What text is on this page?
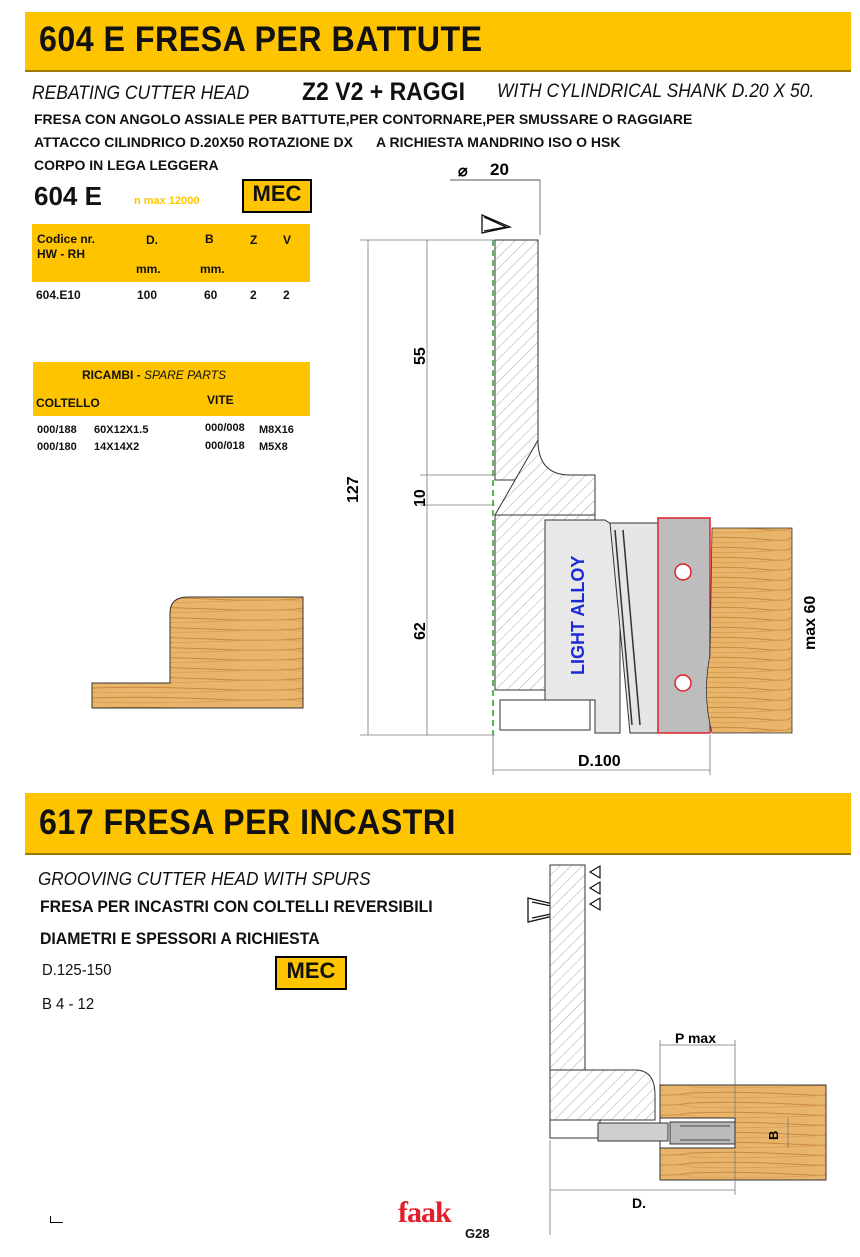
604 E FRESA PER BATTUTE
REBATING CUTTER HEAD Z2 V2 + RAGGI WITH CYLINDRICAL SHANK D.20 X 50.
FRESA CON ANGOLO ASSIALE PER BATTUTE,PER CONTORNARE,PER SMUSSARE O RAGGIARE
ATTACCO CILINDRICO D.20X50 ROTAZIONE DX A RICHIESTA MANDRINO ISO O HSK
CORPO IN LEGA LEGGERA
604 E	n max 12000	MEC
Codice nr.
HW - RH
D.	B	Z V
mm.	mm.
604.E10	100	60	2 2
RICAMBI - SPARE PARTS
COLTELLO	VITE
000/188 60X12X1.5	000/008 M8X16
000/180 14X14X2	000/018 M5X8
⌀ 20
LIGHT ALLOY
55
127	10
62	max 60
D.100
617 FRESA PER INCASTRI
GROOVING CUTTER HEAD WITH SPURS
FRESA PER INCASTRI CON COLTELLI REVERSIBILI
DIAMETRI E SPESSORI A RICHIESTA
D.125-150
B 4 - 12
MEC
P max
B
D.
faak
G28
